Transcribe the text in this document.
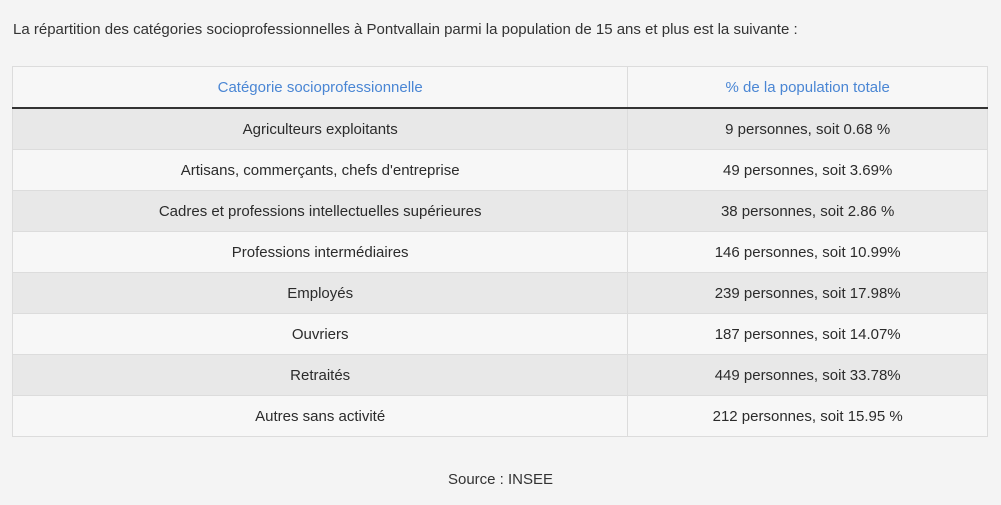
La répartition des catégories socioprofessionnelles à Pontvallain parmi la population de 15 ans et plus est la suivante :

Catégorie socioprofessionnelle	% de la population totale
Agriculteurs exploitants	9 personnes, soit 0.68 %
Artisans, commerçants, chefs d'entreprise	49 personnes, soit 3.69%
Cadres et professions intellectuelles supérieures	38 personnes, soit 2.86 %
Professions intermédiaires	146 personnes, soit 10.99%
Employés	239 personnes, soit 17.98%
Ouvriers	187 personnes, soit 14.07%
Retraités	449 personnes, soit 33.78%
Autres sans activité	212 personnes, soit 15.95 %

Source : INSEE
